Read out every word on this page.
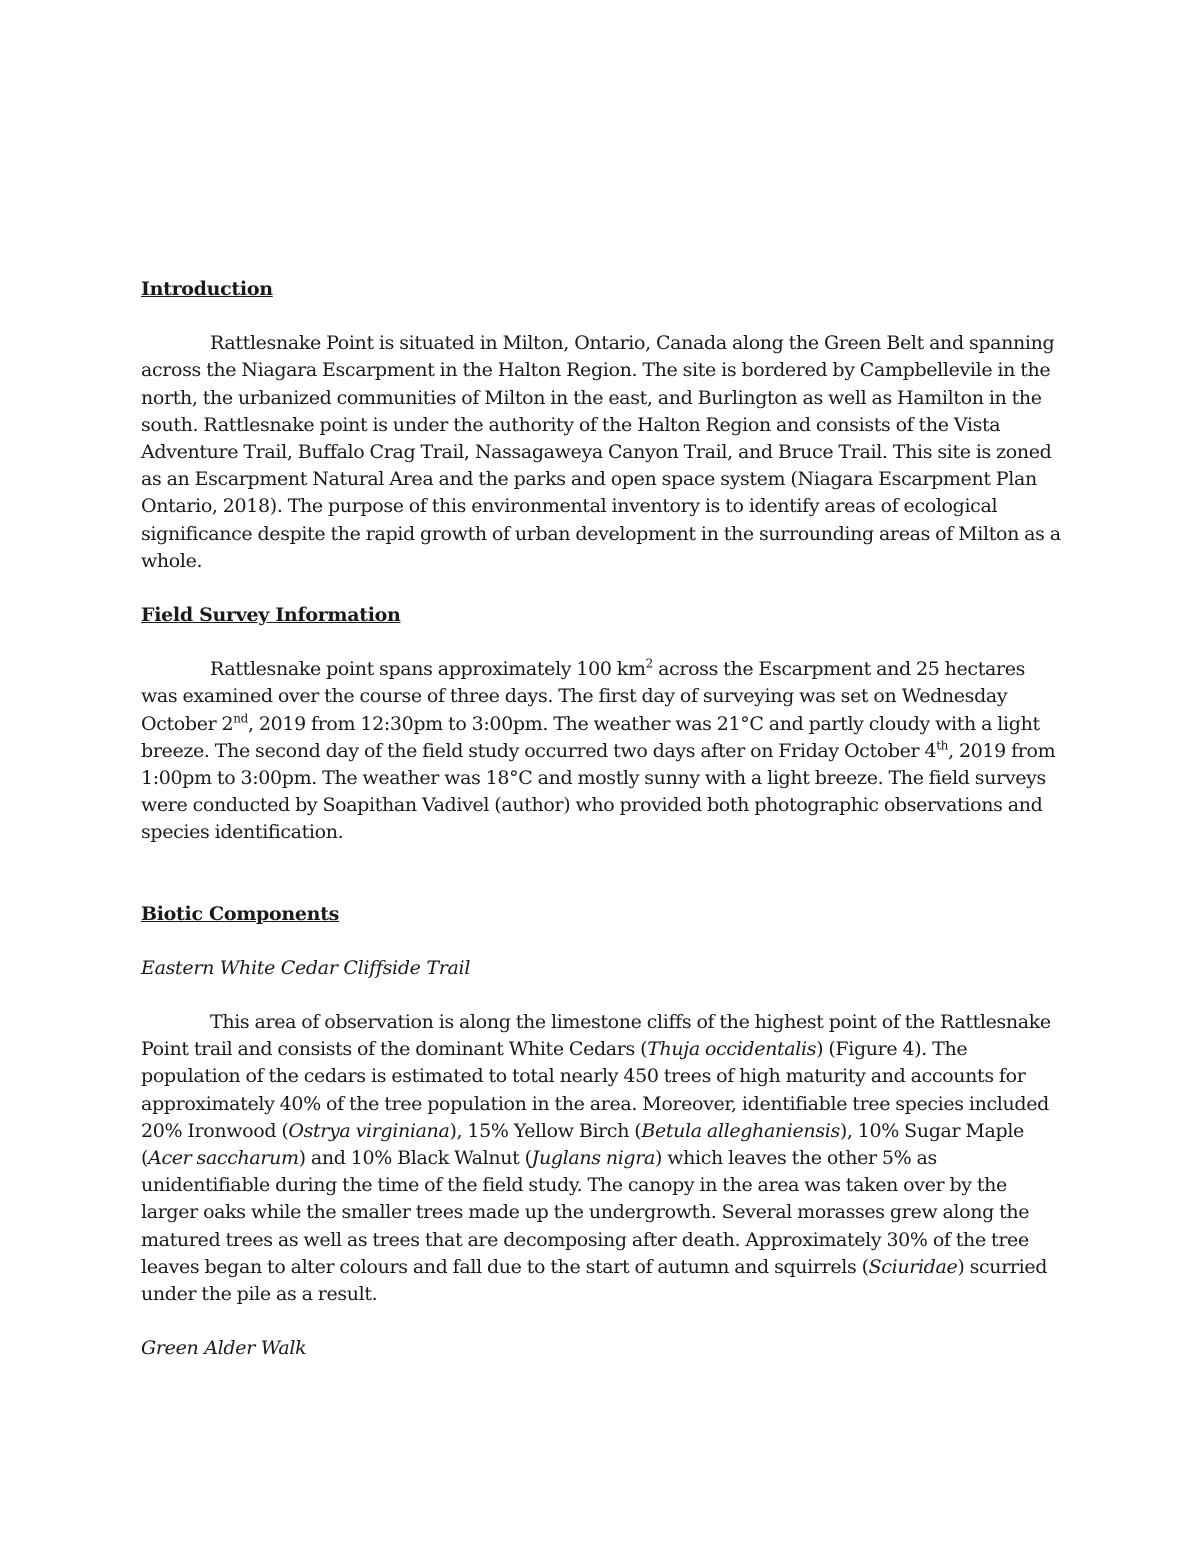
Introduction

Rattlesnake Point is situated in Milton, Ontario, Canada along the Green Belt and spanning across the Niagara Escarpment in the Halton Region. The site is bordered by Campbellevile in the north, the urbanized communities of Milton in the east, and Burlington as well as Hamilton in the south. Rattlesnake point is under the authority of the Halton Region and consists of the Vista Adventure Trail, Buffalo Crag Trail, Nassagaweya Canyon Trail, and Bruce Trail. This site is zoned as an Escarpment Natural Area and the parks and open space system (Niagara Escarpment Plan Ontario, 2018). The purpose of this environmental inventory is to identify areas of ecological significance despite the rapid growth of urban development in the surrounding areas of Milton as a whole.

Field Survey Information

Rattlesnake point spans approximately 100 $km^2$ across the Escarpment and 25 hectares was examined over the course of three days. The first day of surveying was set on Wednesday October 2nd, 2019 from 12:30pm to 3:00pm. The weather was 21°C and partly cloudy with a light breeze. The second day of the field study occurred two days after on Friday October 4th, 2019 from 1:00pm to 3:00pm. The weather was 18°C and mostly sunny with a light breeze. The field surveys were conducted by Soapithan Vadivel (author) who provided both photographic observations and species identification.

Biotic Components

Eastern White Cedar Cliffside Trail

This area of observation is along the limestone cliffs of the highest point of the Rattlesnake Point trail and consists of the dominant White Cedars (Thuja occidentalis) (Figure 4). The population of the cedars is estimated to total nearly 450 trees of high maturity and accounts for approximately 40% of the tree population in the area. Moreover, identifiable tree species included 20% Ironwood (Ostrya virginiana), 15% Yellow Birch (Betula alleghaniensis), 10% Sugar Maple (Acer saccharum) and 10% Black Walnut (Juglans nigra) which leaves the other 5% as unidentifiable during the time of the field study. The canopy in the area was taken over by the larger oaks while the smaller trees made up the undergrowth. Several morasses grew along the matured trees as well as trees that are decomposing after death. Approximately 30% of the tree leaves began to alter colours and fall due to the start of autumn and squirrels (Sciuridae) scurried under the pile as a result.

Green Alder Walk
